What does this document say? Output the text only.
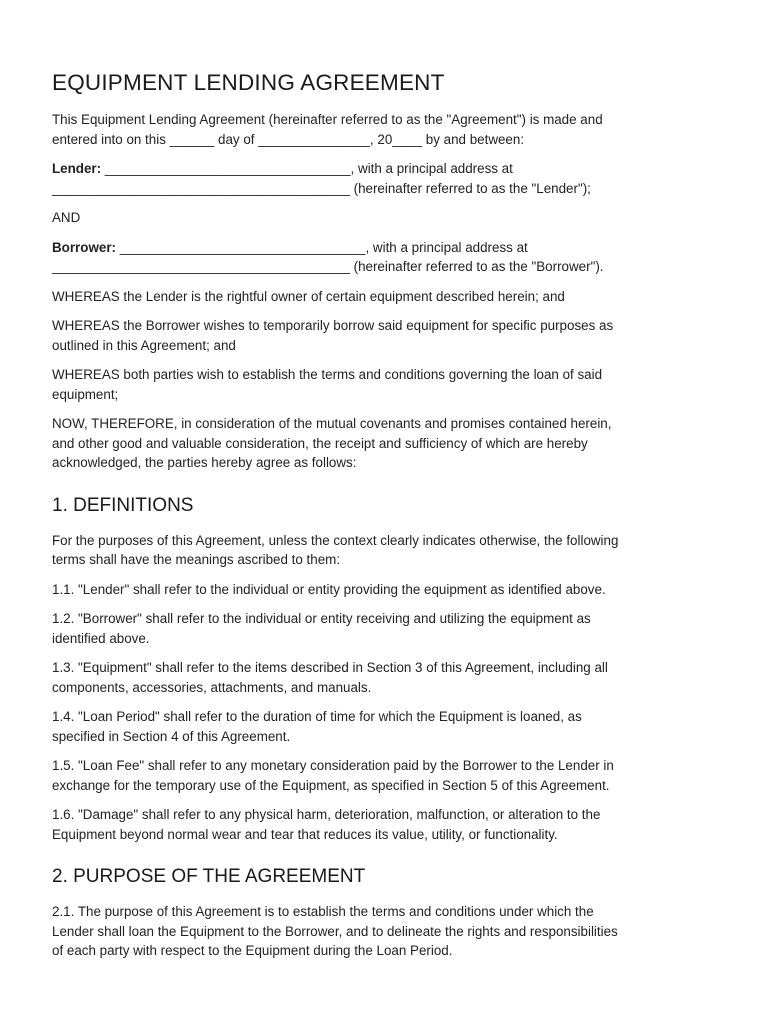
EQUIPMENT LENDING AGREEMENT

This Equipment Lending Agreement (hereinafter referred to as the "Agreement") is made and
entered into on this ______ day of _______________, 20____ by and between:

Lender: _________________________________, with a principal address at
________________________________________ (hereinafter referred to as the "Lender");

AND

Borrower: _________________________________, with a principal address at
________________________________________ (hereinafter referred to as the "Borrower").

WHEREAS the Lender is the rightful owner of certain equipment described herein; and

WHEREAS the Borrower wishes to temporarily borrow said equipment for specific purposes as
outlined in this Agreement; and

WHEREAS both parties wish to establish the terms and conditions governing the loan of said
equipment;

NOW, THEREFORE, in consideration of the mutual covenants and promises contained herein,
and other good and valuable consideration, the receipt and sufficiency of which are hereby
acknowledged, the parties hereby agree as follows:

1. DEFINITIONS

For the purposes of this Agreement, unless the context clearly indicates otherwise, the following
terms shall have the meanings ascribed to them:

1.1. "Lender" shall refer to the individual or entity providing the equipment as identified above.

1.2. "Borrower" shall refer to the individual or entity receiving and utilizing the equipment as
identified above.

1.3. "Equipment" shall refer to the items described in Section 3 of this Agreement, including all
components, accessories, attachments, and manuals.

1.4. "Loan Period" shall refer to the duration of time for which the Equipment is loaned, as
specified in Section 4 of this Agreement.

1.5. "Loan Fee" shall refer to any monetary consideration paid by the Borrower to the Lender in
exchange for the temporary use of the Equipment, as specified in Section 5 of this Agreement.

1.6. "Damage" shall refer to any physical harm, deterioration, malfunction, or alteration to the
Equipment beyond normal wear and tear that reduces its value, utility, or functionality.

2. PURPOSE OF THE AGREEMENT

2.1. The purpose of this Agreement is to establish the terms and conditions under which the
Lender shall loan the Equipment to the Borrower, and to delineate the rights and responsibilities
of each party with respect to the Equipment during the Loan Period.
